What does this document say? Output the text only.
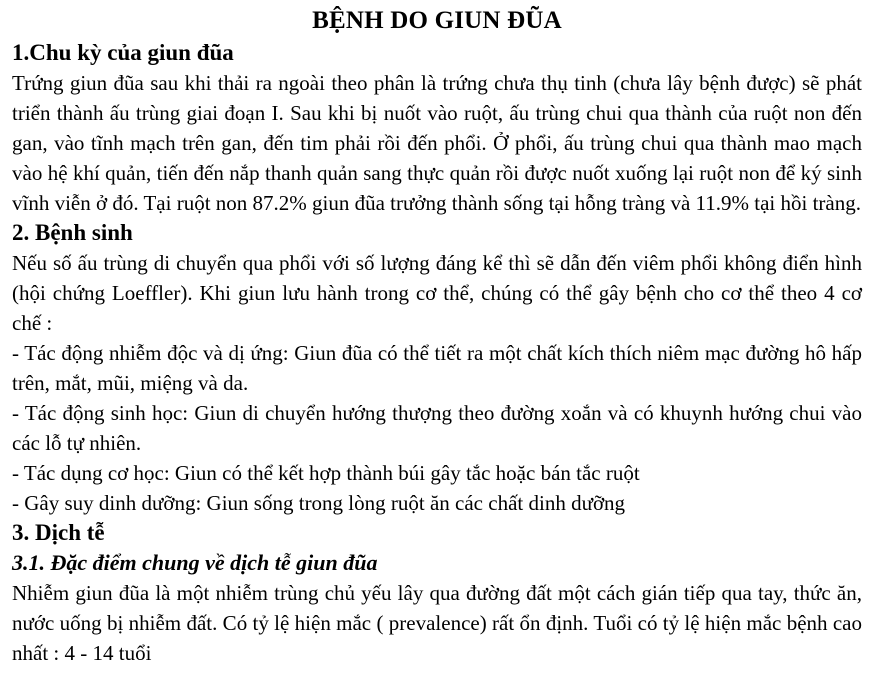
BỆNH DO GIUN ĐŨA
1.Chu kỳ của giun đũa

Trứng giun đũa sau khi thải ra ngoài theo phân là trứng chưa thụ tinh (chưa lây bệnh được) sẽ phát triển thành ấu trùng giai đoạn I. Sau khi bị nuốt vào ruột, ấu trùng chui qua thành của ruột non đến gan, vào tĩnh mạch trên gan, đến tim phải rồi đến phổi. Ở phổi, ấu trùng chui qua thành mao mạch vào hệ khí quản, tiến đến nắp thanh quản sang thực quản rồi được nuốt xuống lại ruột non để ký sinh vĩnh viễn ở đó. Tại ruột non 87.2% giun đũa trưởng thành sống tại hỗng tràng và 11.9% tại hồi tràng.

2. Bệnh sinh

Nếu số ấu trùng di chuyển qua phổi với số lượng đáng kể thì sẽ dẫn đến viêm phổi không điển hình (hội chứng Loeffler). Khi giun lưu hành trong cơ thể, chúng có thể gây bệnh cho cơ thể theo 4 cơ chế :

- Tác động nhiễm độc và dị ứng: Giun đũa có thể tiết ra một chất kích thích niêm mạc đường hô hấp trên, mắt, mũi, miệng và da.

- Tác động sinh học: Giun di chuyển hướng thượng theo đường xoắn và có khuynh hướng chui vào các lỗ tự nhiên.

- Tác dụng cơ học: Giun có thể kết hợp thành búi gây tắc hoặc bán tắc ruột

- Gây suy dinh dưỡng: Giun sống trong lòng ruột ăn các chất dinh dưỡng

3. Dịch tễ
3.1. Đặc điểm chung về dịch tễ giun đũa

Nhiễm giun đũa là một nhiễm trùng chủ yếu lây qua đường đất một cách gián tiếp qua tay, thức ăn, nước uống bị nhiễm đất. Có tỷ lệ hiện mắc ( prevalence) rất ổn định. Tuổi có tỷ lệ hiện mắc bệnh cao nhất : 4 - 14 tuổi
